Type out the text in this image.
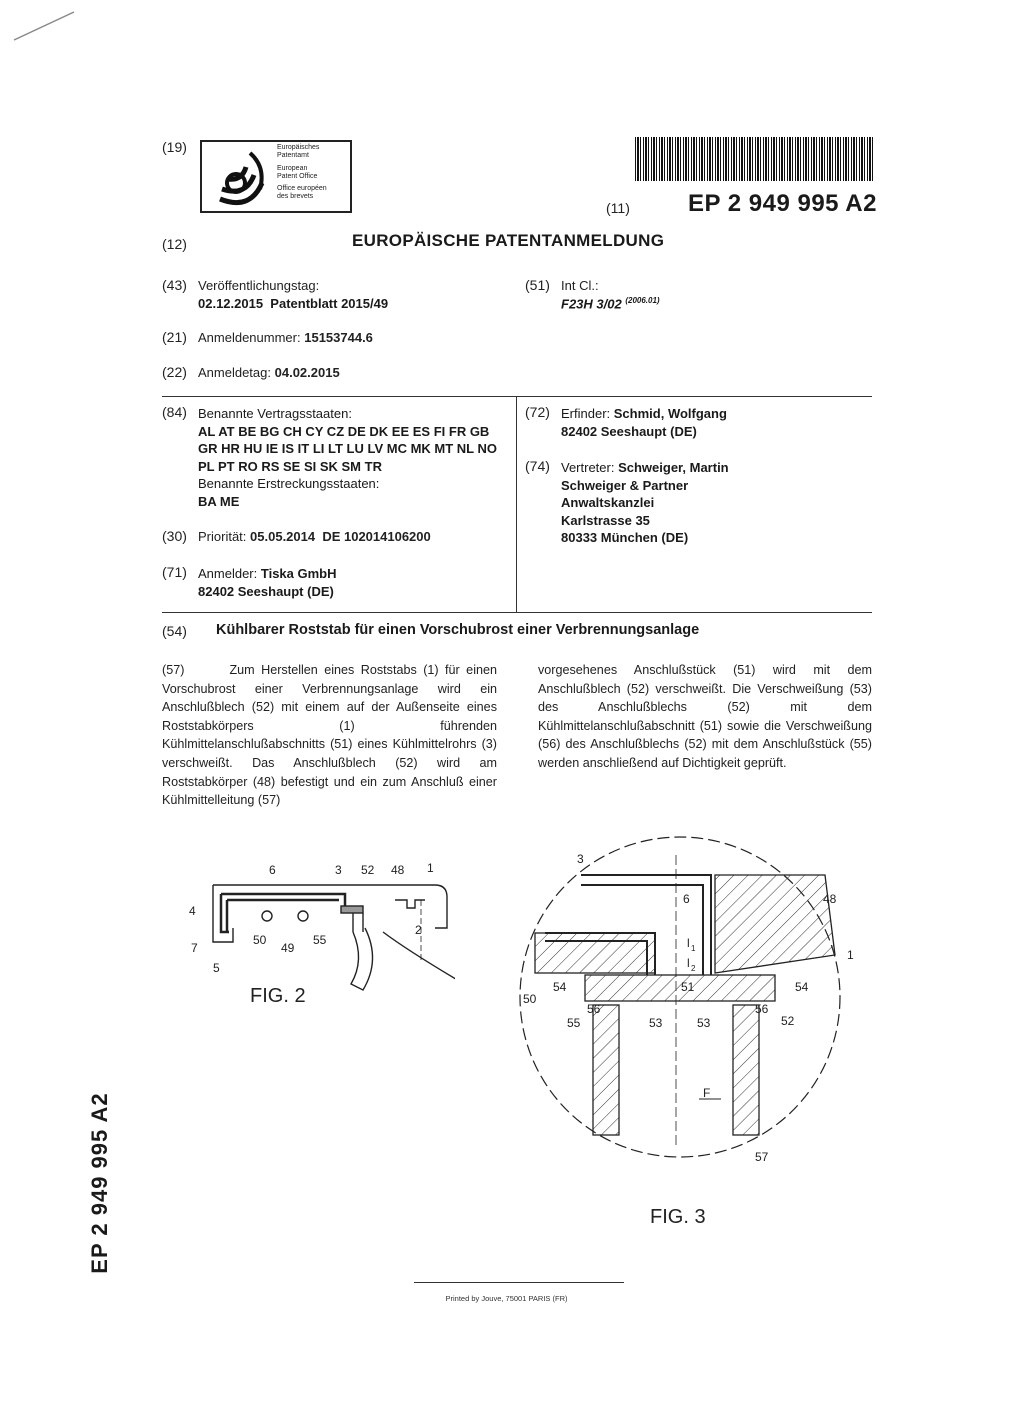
(19)	Europäisches
Patentamt
European
Patent Office
Office européen
des brevets
(11) EP 2 949 995 A2
(12)	EUROPÄISCHE PATENTANMELDUNG
(43) Veröffentlichungstag:
02.12.2015  Patentblatt 2015/49
(51) Int Cl.:
F23H 3/02 $^{(2006.01)}$
(21) Anmeldenummer: 15153744.6
(22) Anmeldetag: 04.02.2015
(84) Benannte Vertragsstaaten:
AL AT BE BG CH CY CZ DE DK EE ES FI FR GB
GR HR HU IE IS IT LI LT LU LV MC MK MT NL NO
PL PT RO RS SE SI SK SM TR
Benannte Erstreckungsstaaten:
BA ME
(30) Priorität: 05.05.2014  DE 102014106200
(71) Anmelder: Tiska GmbH
82402 Seeshaupt (DE)
(72) Erfinder: Schmid, Wolfgang
82402 Seeshaupt (DE)
(74) Vertreter: Schweiger, Martin
Schweiger & Partner
Anwaltskanzlei
Karlstrasse 35
80333 München (DE)
(54) Kühlbarer Roststab für einen Vorschubrost einer Verbrennungsanlage
(57)	Zum Herstellen eines Roststabs (1) für einen Vorschubrost einer Verbrennungsanlage wird ein Anschlußblech (52) mit einem auf der Außenseite eines Roststabkörpers (1) führenden Kühlmittelanschlußabschnitts (51) eines Kühlmittelrohrs (3) verschweißt. Das Anschlußblech (52) wird am Roststabkörper (48) befestigt und ein zum Anschluß einer Kühlmittelleitung (57)
vorgesehenes Anschlußstück (51) wird mit dem Anschlußblech (52) verschweißt. Die Verschweißung (53) des Anschlußblechs (52) mit dem Kühlmittelanschlußabschnitt (51) sowie die Verschweißung (56) des Anschlußblechs (52) mit dem Anschlußstück (55) werden anschließend auf Dichtigkeit geprüft.
6	3 52 48 1
4
7
5
50
49
55
2
FIG. 2
3
6	48
1
l 1
l 2
54	51
50
56
55	53	53
56
52
54
F
57
FIG. 3
EP 2 949 995 A2
Printed by Jouve, 75001 PARIS (FR)
